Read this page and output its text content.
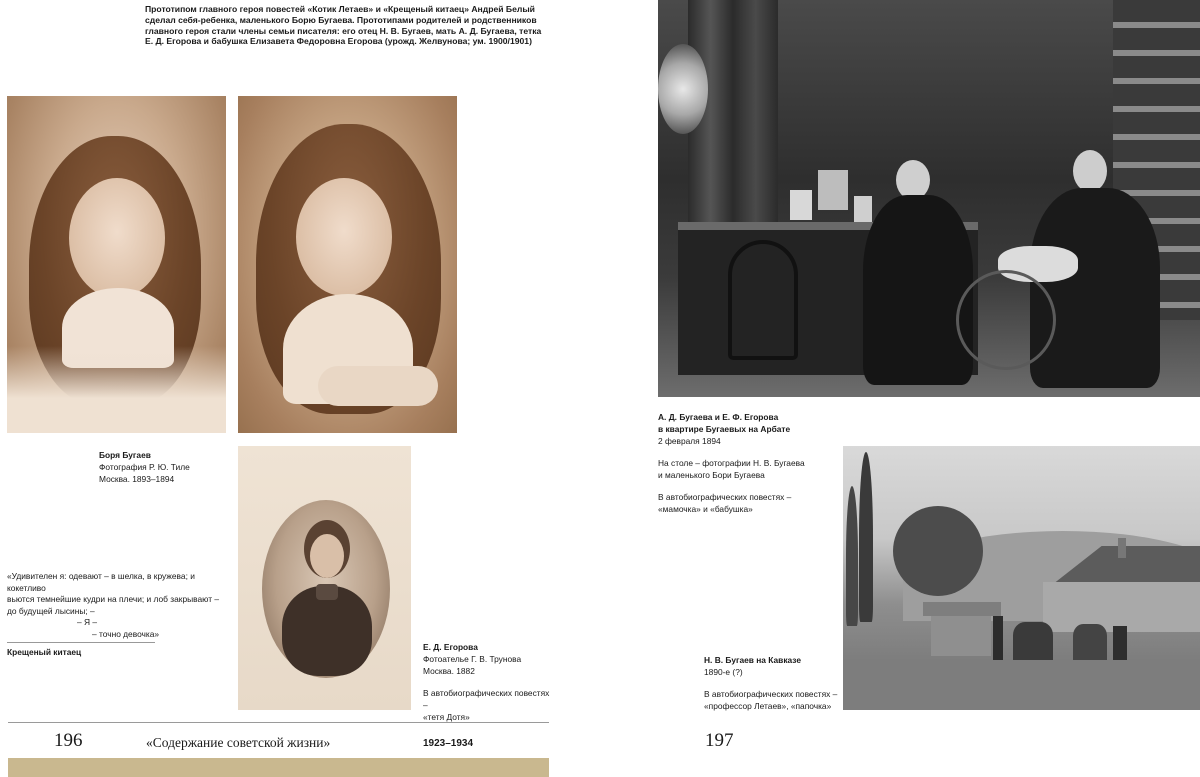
Прототипом главного героя повестей «Котик Летаев» и «Крещеный китаец» Андрей Белый сделал себя-ребенка, маленького Борю Бугаева. Прототипами родителей и родственников главного героя стали члены семьи писателя: его отец Н. В. Бугаев, мать А. Д. Бугаева, тетка Е. Д. Егорова и бабушка Елизавета Федоровна Егорова (урожд. Желвунова; ум. 1900/1901)
Боря Бугаев
Фотография Р. Ю. Тиле
Москва. 1893–1894
Е. Д. Егорова
Фотоателье Г. В. Трунова
Москва. 1882
В автобиографических повестях –
«тетя Дотя»
«Удивителен я: одевают – в шелка, в кружева; и кокетливо
вьются темнейшие кудри на плечи; и лоб закрывают –
до будущей лысины; –
– Я –
– точно девочка»
Крещеный китаец
196	«Содержание советской жизни»	1923–1934
А. Д. Бугаева и Е. Ф. Егорова
в квартире Бугаевых на Арбате
2 февраля 1894
На столе – фотографии Н. В. Бугаева
и маленького Бори Бугаева
В автобиографических повестях –
«мамочка» и «бабушка»
Н. В. Бугаев на Кавказе
1890-е (?)
В автобиографических повестях –
«профессор Летаев», «папочка»
197
